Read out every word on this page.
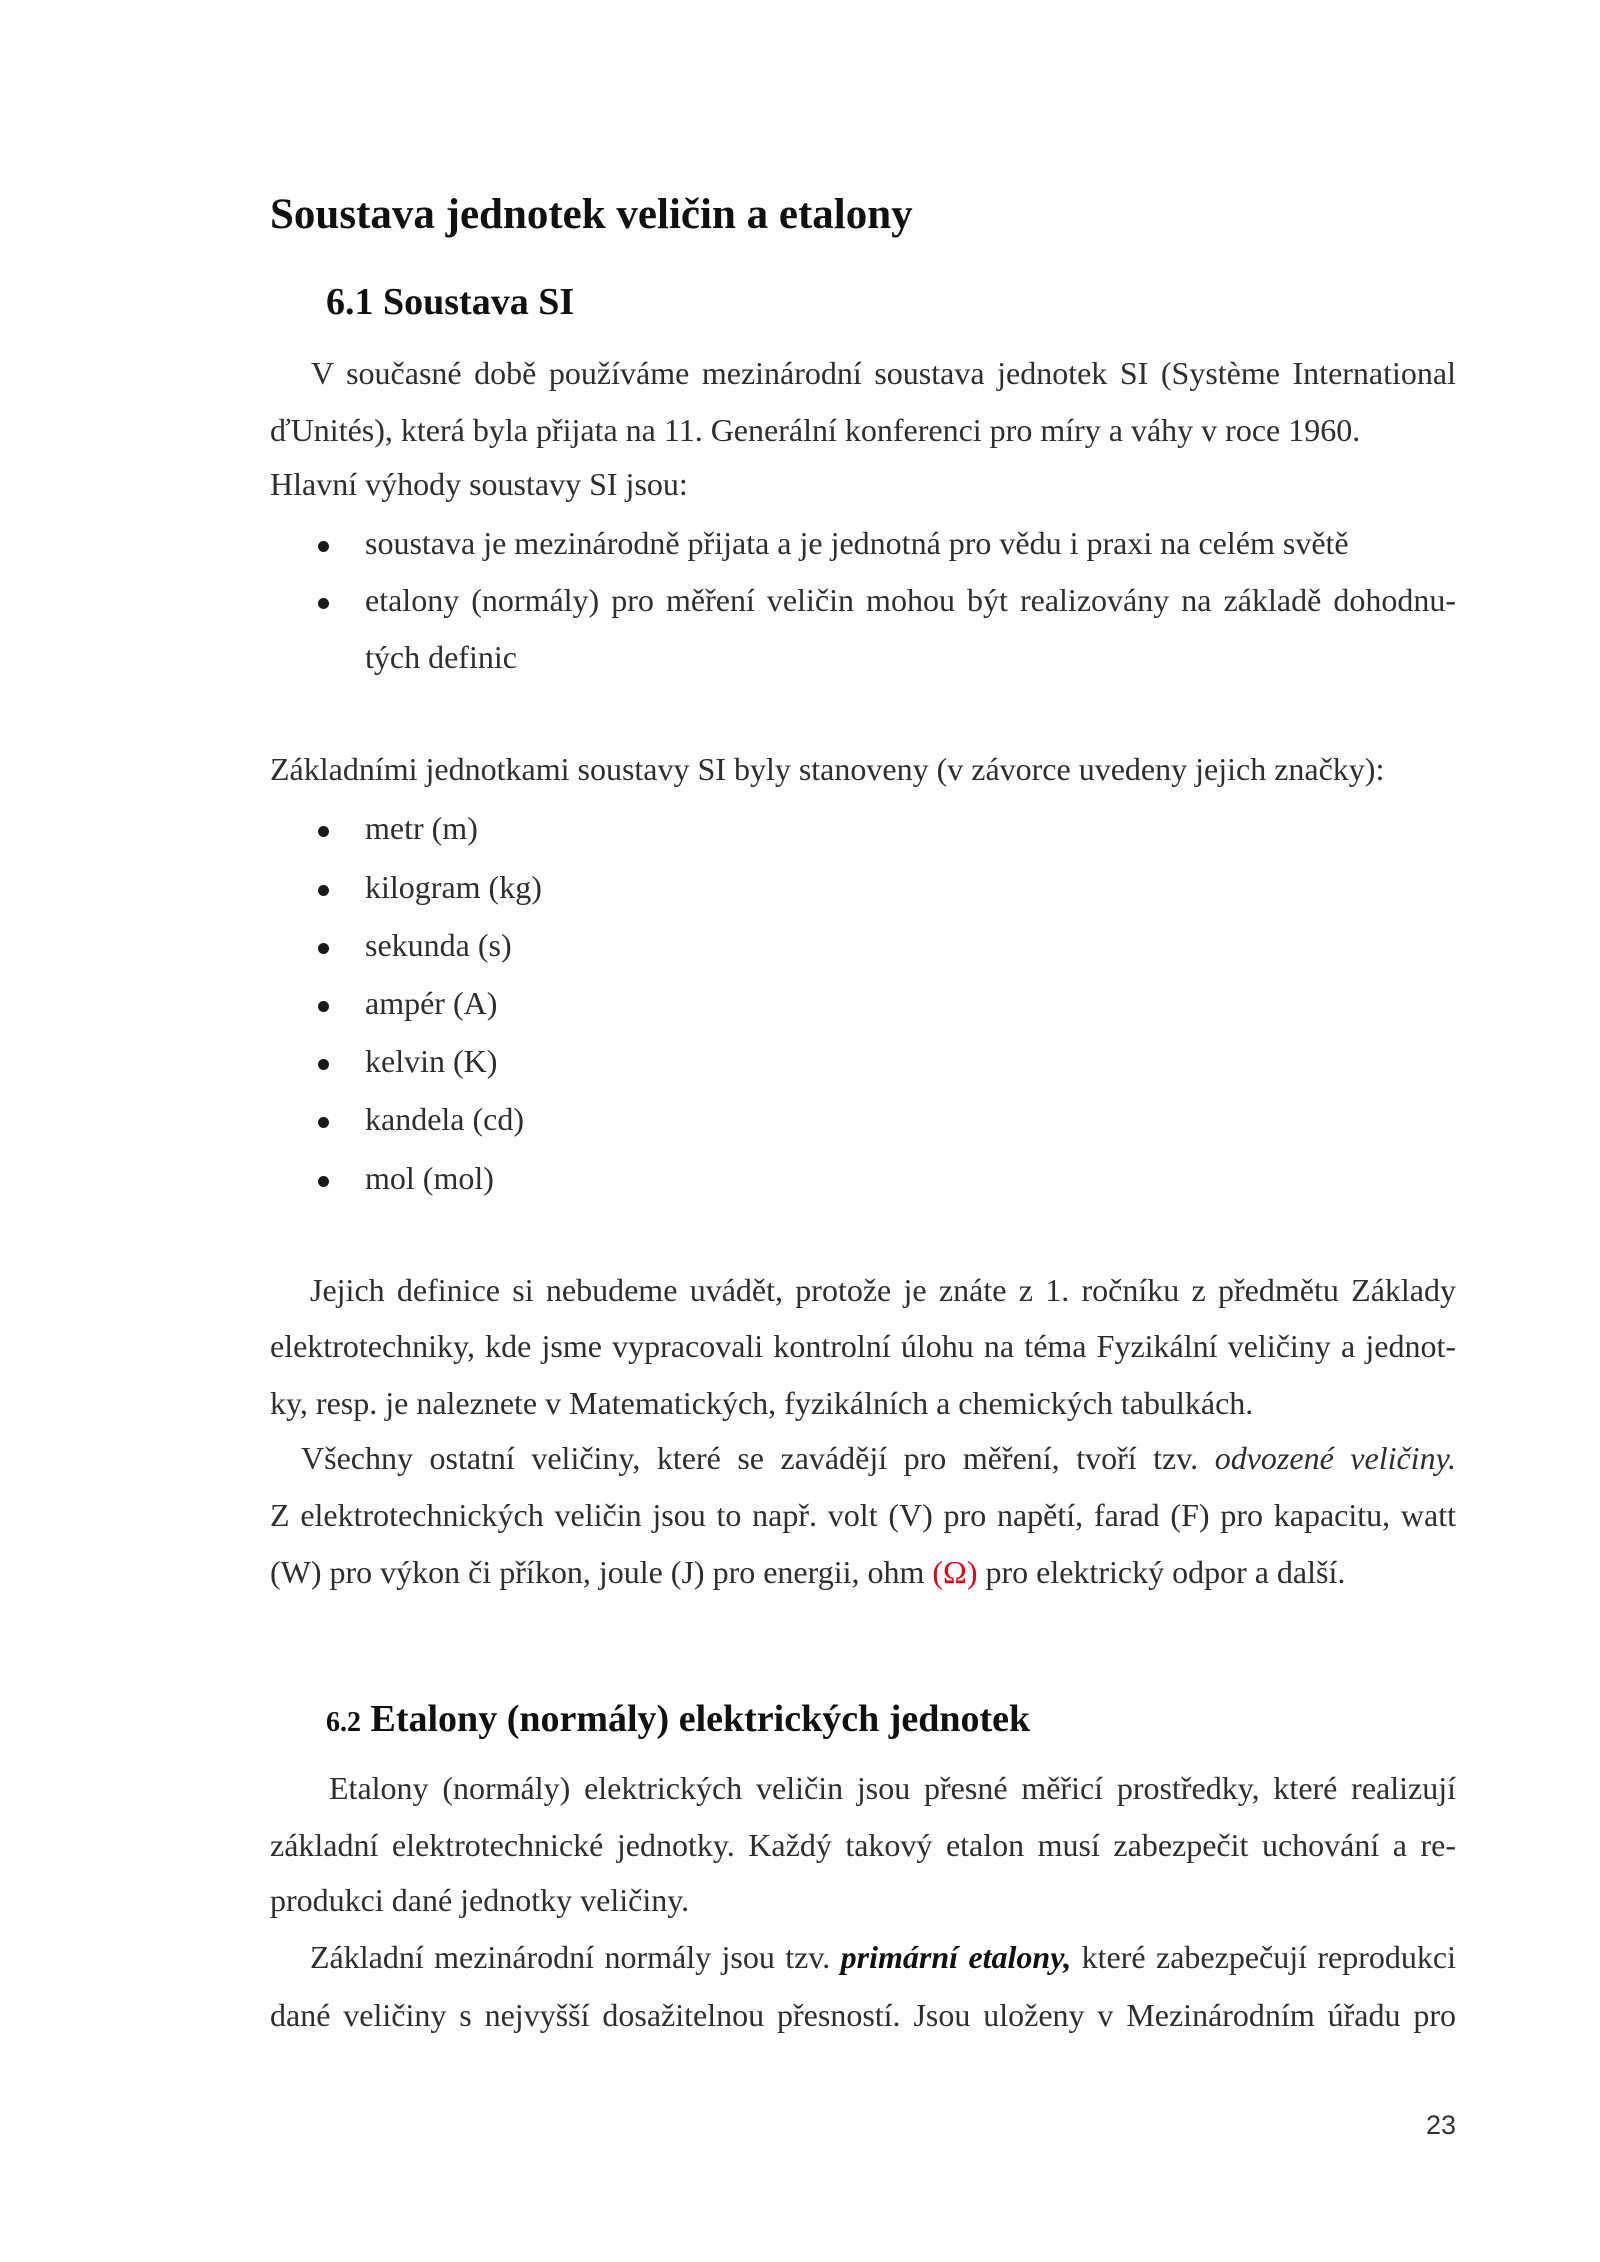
Soustava jednotek veličin a etalony
6.1 Soustava SI
V současné době používáme mezinárodní soustava jednotek SI (Système International
ďUnités), která byla přijata na 11. Generální konferenci pro míry a váhy v roce 1960.
Hlavní výhody soustavy SI jsou:
soustava je mezinárodně přijata a je jednotná pro vědu i praxi na celém světě
etalony (normály) pro měření veličin mohou být realizovány na základě dohodnu-
tých definic
Základními jednotkami soustavy SI byly stanoveny (v závorce uvedeny jejich značky):
metr (m)
kilogram (kg)
sekunda (s)
ampér (A)
kelvin (K)
kandela (cd)
mol (mol)
Jejich definice si nebudeme uvádět, protože je znáte z 1. ročníku z předmětu Základy
elektrotechniky, kde jsme vypracovali kontrolní úlohu na téma Fyzikální veličiny a jednot-
ky, resp. je naleznete v Matematických, fyzikálních a chemických tabulkách.
Všechny ostatní veličiny, které se zavádějí pro měření, tvoří tzv. odvozené veličiny.
Z elektrotechnických veličin jsou to např. volt (V) pro napětí, farad (F) pro kapacitu, watt
(W) pro výkon či příkon, joule (J) pro energii, ohm (Ω) pro elektrický odpor a další.
6.2 Etalony (normály) elektrických jednotek
Etalony (normály) elektrických veličin jsou přesné měřicí prostředky, které realizují
základní elektrotechnické jednotky. Každý takový etalon musí zabezpečit uchování a re-
produkci dané jednotky veličiny.
Základní mezinárodní normály jsou tzv. primární etalony, které zabezpečují reprodukci
dané veličiny s nejvyšší dosažitelnou přesností. Jsou uloženy v Mezinárodním úřadu pro
23
